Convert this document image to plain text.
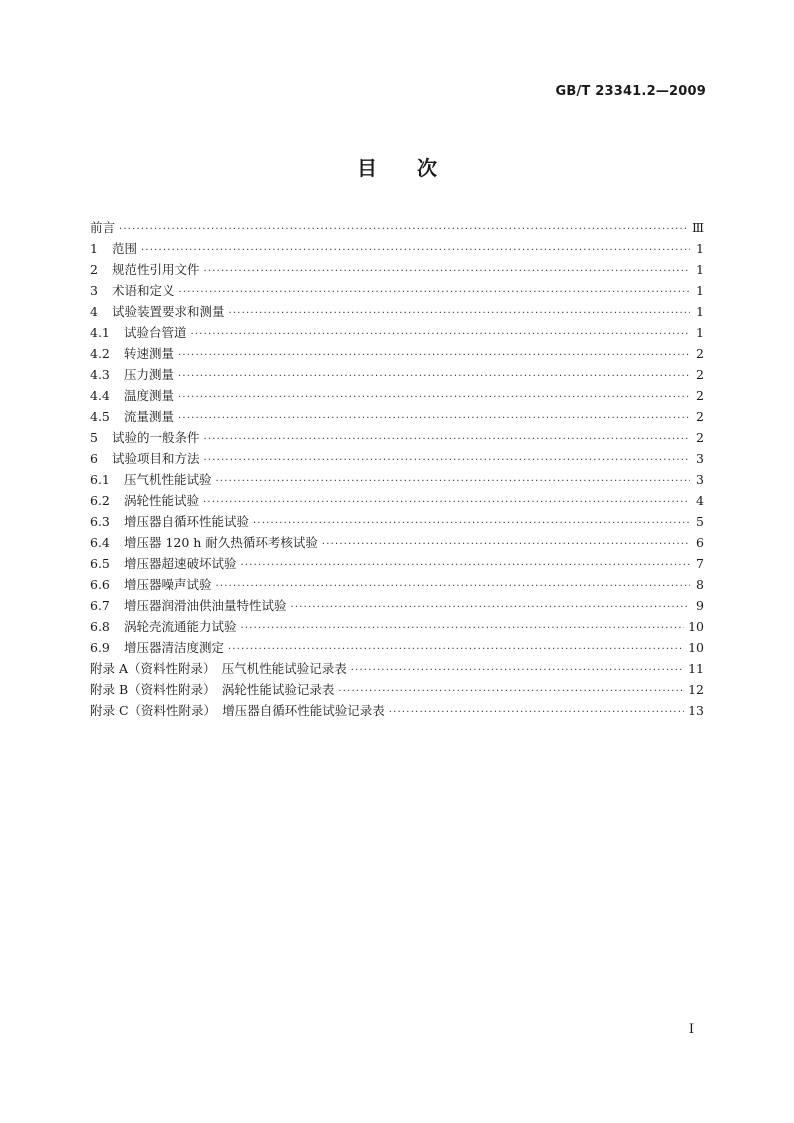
GB/T 23341.2—2009
目　　次
前言 ·····	Ⅲ
1	范围 ·····	1
2	规范性引用文件 ·····	1
3	术语和定义 ·····	1
4	试验装置要求和测量 ·····	1
4.1	试验台管道 ·····	1
4.2	转速测量 ·····	2
4.3	压力测量 ·····	2
4.4	温度测量 ·····	2
4.5	流量测量 ·····	2
5	试验的一般条件 ·····	2
6	试验项目和方法 ·····	3
6.1	压气机性能试验 ·····	3
6.2	涡轮性能试验 ·····	4
6.3	增压器自循环性能试验 ·····	5
6.4	增压器 120 h 耐久热循环考核试验 ·····	6
6.5	增压器超速破坏试验 ·····	7
6.6	增压器噪声试验 ·····	8
6.7	增压器润滑油供油量特性试验 ·····	9
6.8	涡轮壳流通能力试验 ·····	10
6.9	增压器清洁度测定 ·····	10
附录 A（资料性附录）　压气机性能试验记录表 ·····	11
附录 B（资料性附录）　涡轮性能试验记录表 ·····	12
附录 C（资料性附录）　增压器自循环性能试验记录表 ·····	13
I
